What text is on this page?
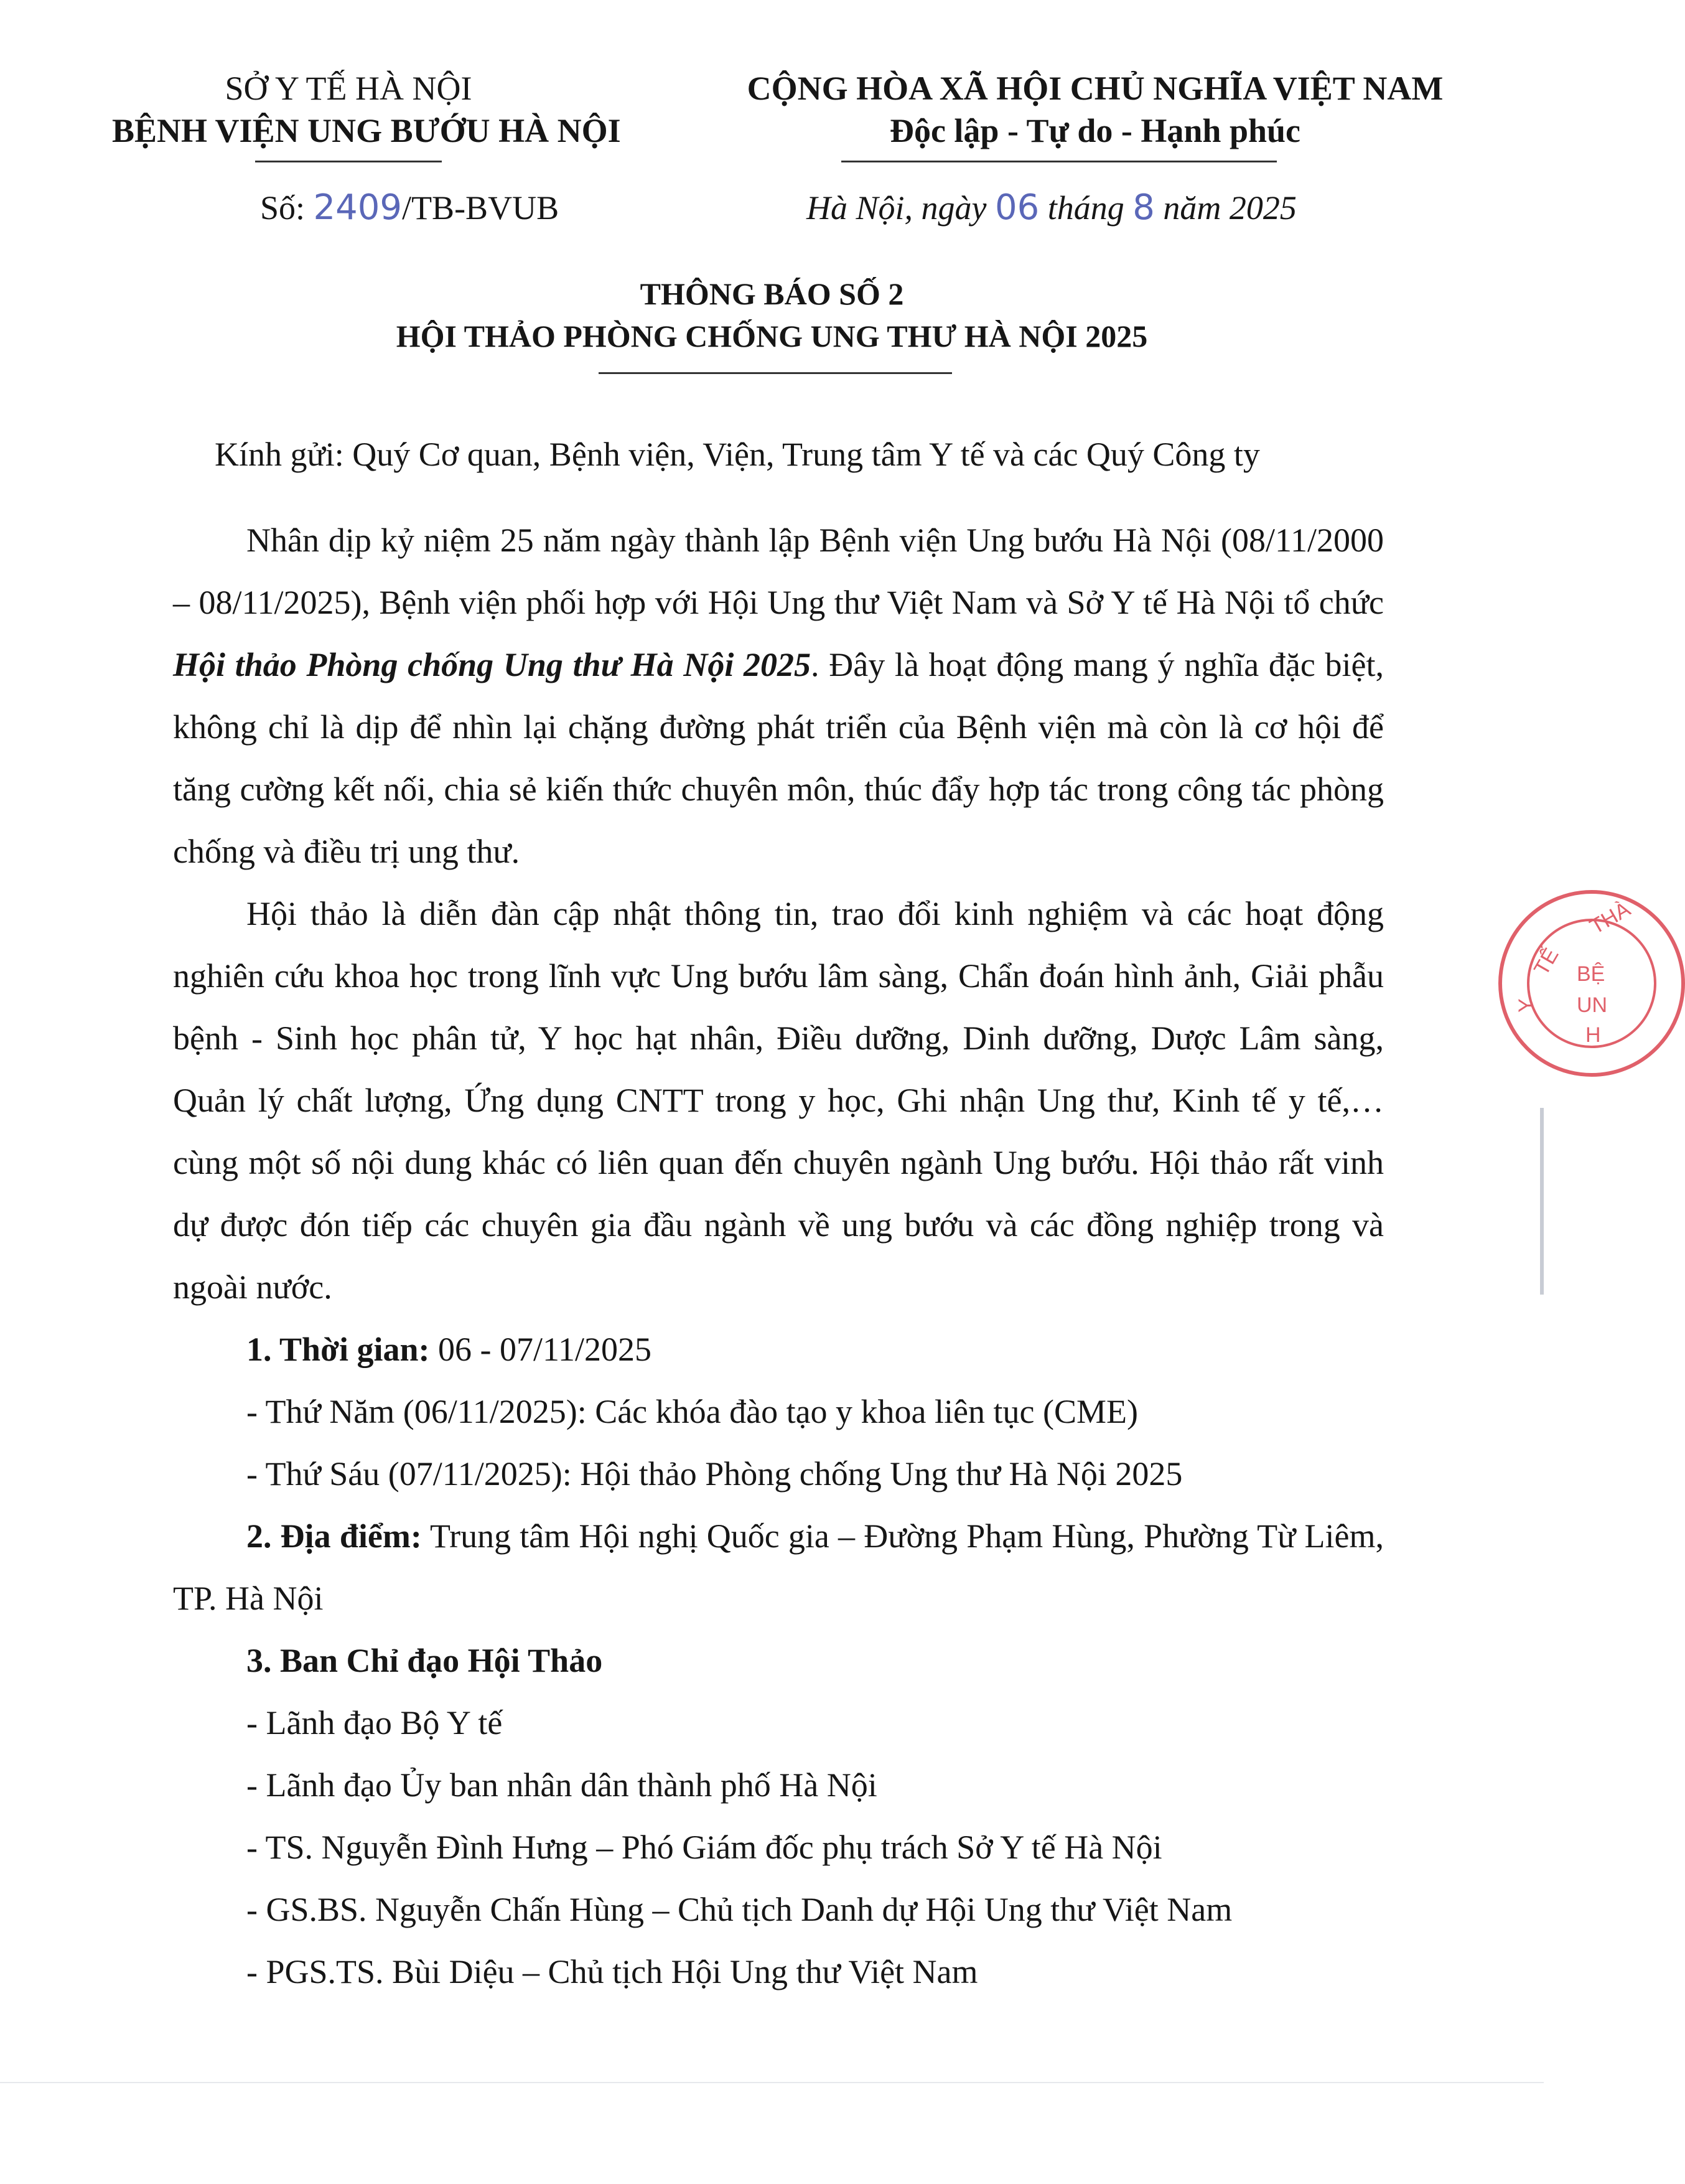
SỞ Y TẾ HÀ NỘI
BỆNH VIỆN UNG BƯỚU HÀ NỘI
CỘNG HÒA XÃ HỘI CHỦ NGHĨA VIỆT NAM
Độc lập - Tự do - Hạnh phúc
Số: 2409/TB-BVUB	Hà Nội, ngày 06 tháng 8 năm 2025
THÔNG BÁO SỐ 2
HỘI THẢO PHÒNG CHỐNG UNG THƯ HÀ NỘI 2025
Kính gửi: Quý Cơ quan, Bệnh viện, Viện, Trung tâm Y tế và các Quý Công ty
Nhân dịp kỷ niệm 25 năm ngày thành lập Bệnh viện Ung bướu Hà Nội (08/11/2000 – 08/11/2025), Bệnh viện phối hợp với Hội Ung thư Việt Nam và Sở Y tế Hà Nội tổ chức Hội thảo Phòng chống Ung thư Hà Nội 2025. Đây là hoạt động mang ý nghĩa đặc biệt, không chỉ là dịp để nhìn lại chặng đường phát triển của Bệnh viện mà còn là cơ hội để tăng cường kết nối, chia sẻ kiến thức chuyên môn, thúc đẩy hợp tác trong công tác phòng chống và điều trị ung thư.
Hội thảo là diễn đàn cập nhật thông tin, trao đổi kinh nghiệm và các hoạt động nghiên cứu khoa học trong lĩnh vực Ung bướu lâm sàng, Chẩn đoán hình ảnh, Giải phẫu bệnh - Sinh học phân tử, Y học hạt nhân, Điều dưỡng, Dinh dưỡng, Dược Lâm sàng, Quản lý chất lượng, Ứng dụng CNTT trong y học, Ghi nhận Ung thư, Kinh tế y tế,… cùng một số nội dung khác có liên quan đến chuyên ngành Ung bướu. Hội thảo rất vinh dự được đón tiếp các chuyên gia đầu ngành về ung bướu và các đồng nghiệp trong và ngoài nước.
1. Thời gian: 06 - 07/11/2025
- Thứ Năm (06/11/2025): Các khóa đào tạo y khoa liên tục (CME)
- Thứ Sáu (07/11/2025): Hội thảo Phòng chống Ung thư Hà Nội 2025
2. Địa điểm: Trung tâm Hội nghị Quốc gia – Đường Phạm Hùng, Phường Từ Liêm, TP. Hà Nội
3. Ban Chỉ đạo Hội Thảo
- Lãnh đạo Bộ Y tế
- Lãnh đạo Ủy ban nhân dân thành phố Hà Nội
- TS. Nguyễn Đình Hưng – Phó Giám đốc phụ trách Sở Y tế Hà Nội
- GS.BS. Nguyễn Chấn Hùng – Chủ tịch Danh dự Hội Ung thư Việt Nam
- PGS.TS. Bùi Diệu – Chủ tịch Hội Ung thư Việt Nam
BỆ
UN
H
TẾ
THÀ
Y
